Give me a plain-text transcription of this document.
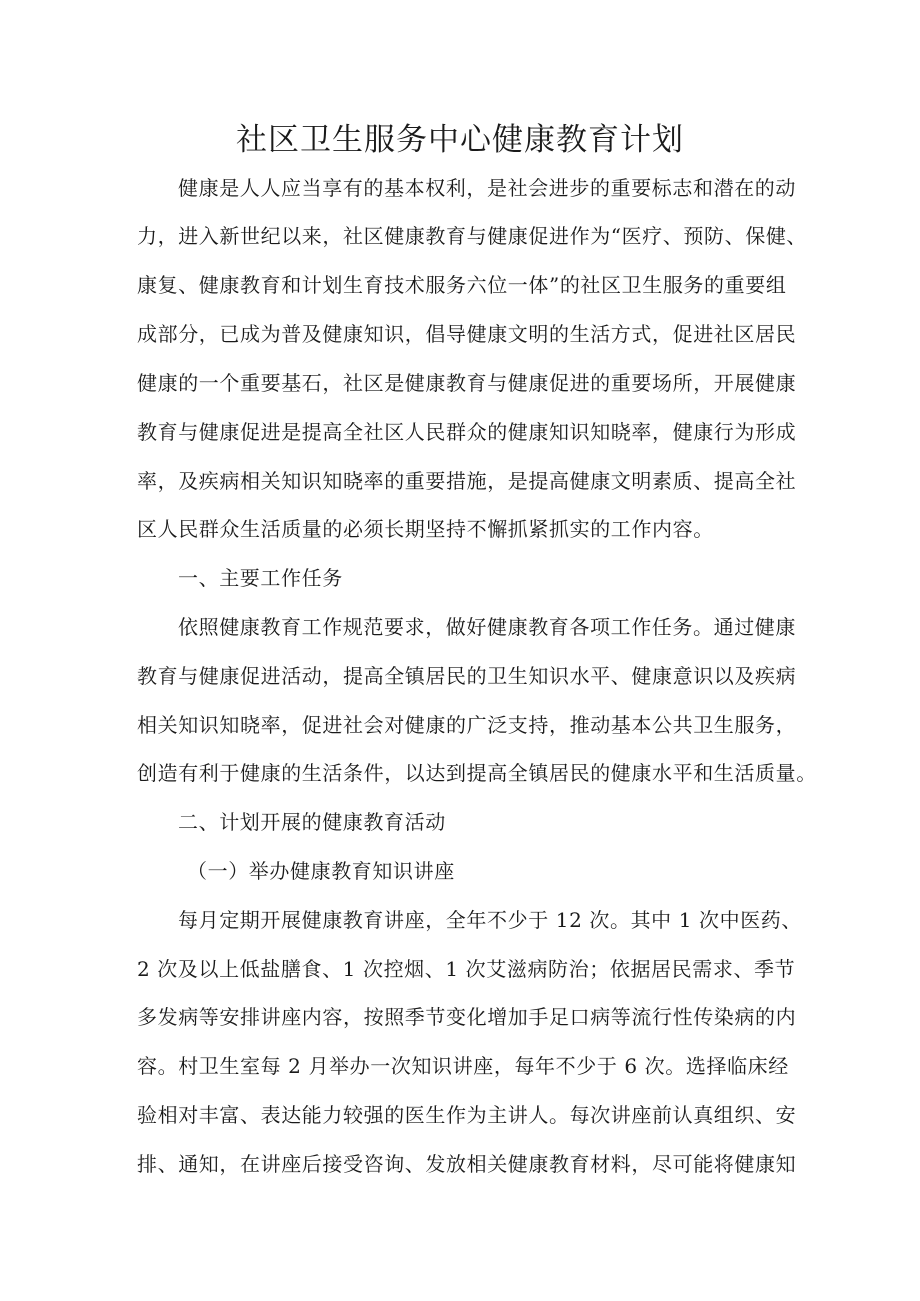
社区卫生服务中心健康教育计划

健康是人人应当享有的基本权利，是社会进步的重要标志和潜在的动

力，进入新世纪以来，社区健康教育与健康促进作为“医疗、预防、保健、

康复、健康教育和计划生育技术服务六位一体”的社区卫生服务的重要组

成部分，已成为普及健康知识，倡导健康文明的生活方式，促进社区居民

健康的一个重要基石，社区是健康教育与健康促进的重要场所，开展健康

教育与健康促进是提高全社区人民群众的健康知识知晓率，健康行为形成

率，及疾病相关知识知晓率的重要措施，是提高健康文明素质、提高全社

区人民群众生活质量的必须长期坚持不懈抓紧抓实的工作内容。

一、主要工作任务

依照健康教育工作规范要求，做好健康教育各项工作任务。通过健康

教育与健康促进活动，提高全镇居民的卫生知识水平、健康意识以及疾病

相关知识知晓率，促进社会对健康的广泛支持，推动基本公共卫生服务，

创造有利于健康的生活条件，以达到提高全镇居民的健康水平和生活质量。

二、计划开展的健康教育活动

（一）举办健康教育知识讲座

每月定期开展健康教育讲座，全年不少于 12 次。其中 1 次中医药、

2 次及以上低盐膳食、1 次控烟、1 次艾滋病防治；依据居民需求、季节

多发病等安排讲座内容，按照季节变化增加手足口病等流行性传染病的内

容。村卫生室每 2 月举办一次知识讲座，每年不少于 6 次。选择临床经

验相对丰富、表达能力较强的医生作为主讲人。每次讲座前认真组织、安

排、通知，在讲座后接受咨询、发放相关健康教育材料，尽可能将健康知
